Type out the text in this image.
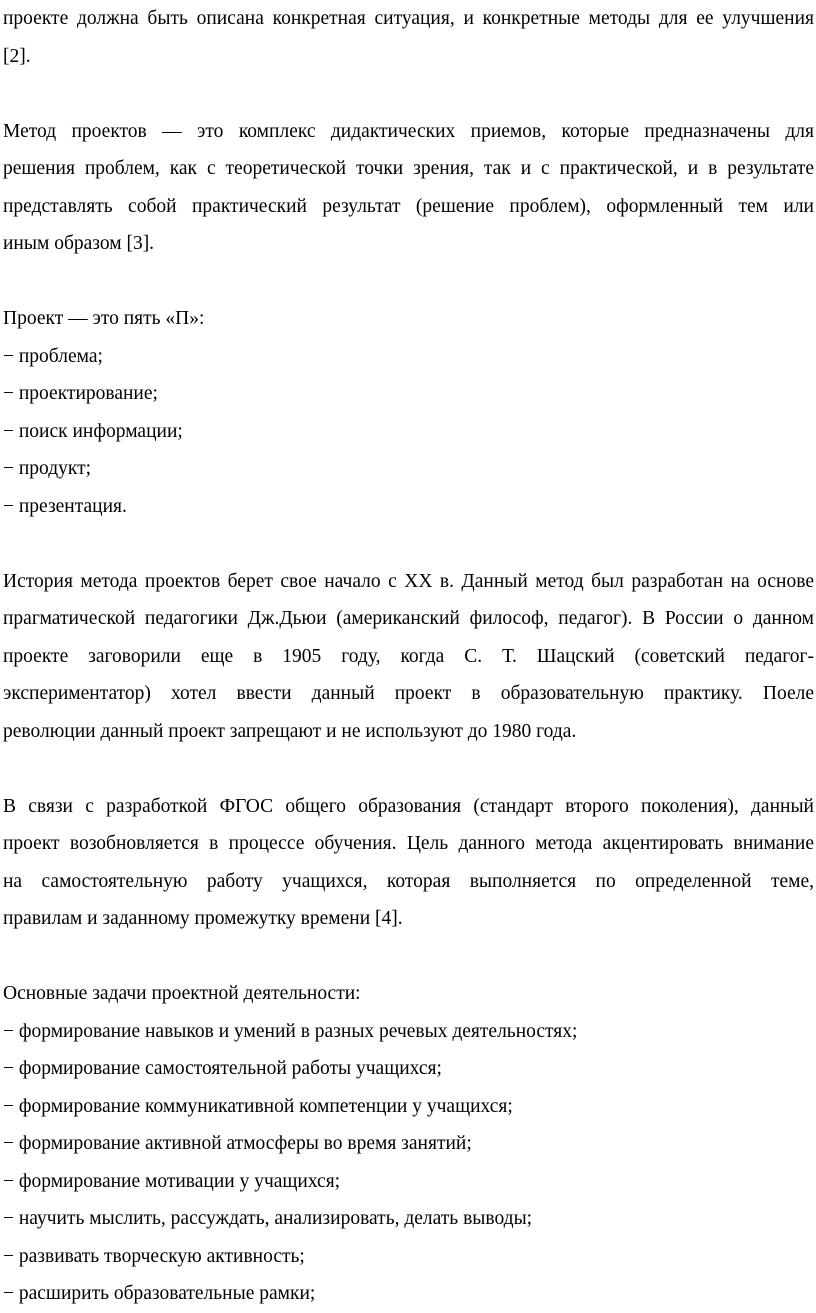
проекте должна быть описана конкретная ситуация, и конкретные методы для ее улучшения

[2].

Метод проектов — это комплекс дидактических приемов, которые предназначены для

решения проблем, как с теоретической точки зрения, так и с практической, и в результате

представлять собой практический результат (решение проблем), оформленный тем или

иным образом [3].

Проект — это пять «П»:

− проблема;

− проектирование;

− поиск информации;

− продукт;

− презентация.

История метода проектов берет свое начало с XX в. Данный метод был разработан на основе

прагматической педагогики Дж.Дьюи (американский философ, педагог). В России о данном

проекте заговорили еще в 1905 году, когда С. Т. Шацский (советский педагог-

экспериментатор) хотел ввести данный проект в образовательную практику. Поеле

революции данный проект запрещают и не используют до 1980 года.

В связи с разработкой ФГОС общего образования (стандарт второго поколения), данный

проект возобновляется в процессе обучения. Цель данного метода акцентировать внимание

на самостоятельную работу учащихся, которая выполняется по определенной теме,

правилам и заданному промежутку времени [4].

Основные задачи проектной деятельности:

− формирование навыков и умений в разных речевых деятельностях;

− формирование самостоятельной работы учащихся;

− формирование коммуникативной компетенции у учащихся;

− формирование активной атмосферы во время занятий;

− формирование мотивации у учащихся;

− научить мыслить, рассуждать, анализировать, делать выводы;

− развивать творческую активность;

− расширить образовательные рамки;
